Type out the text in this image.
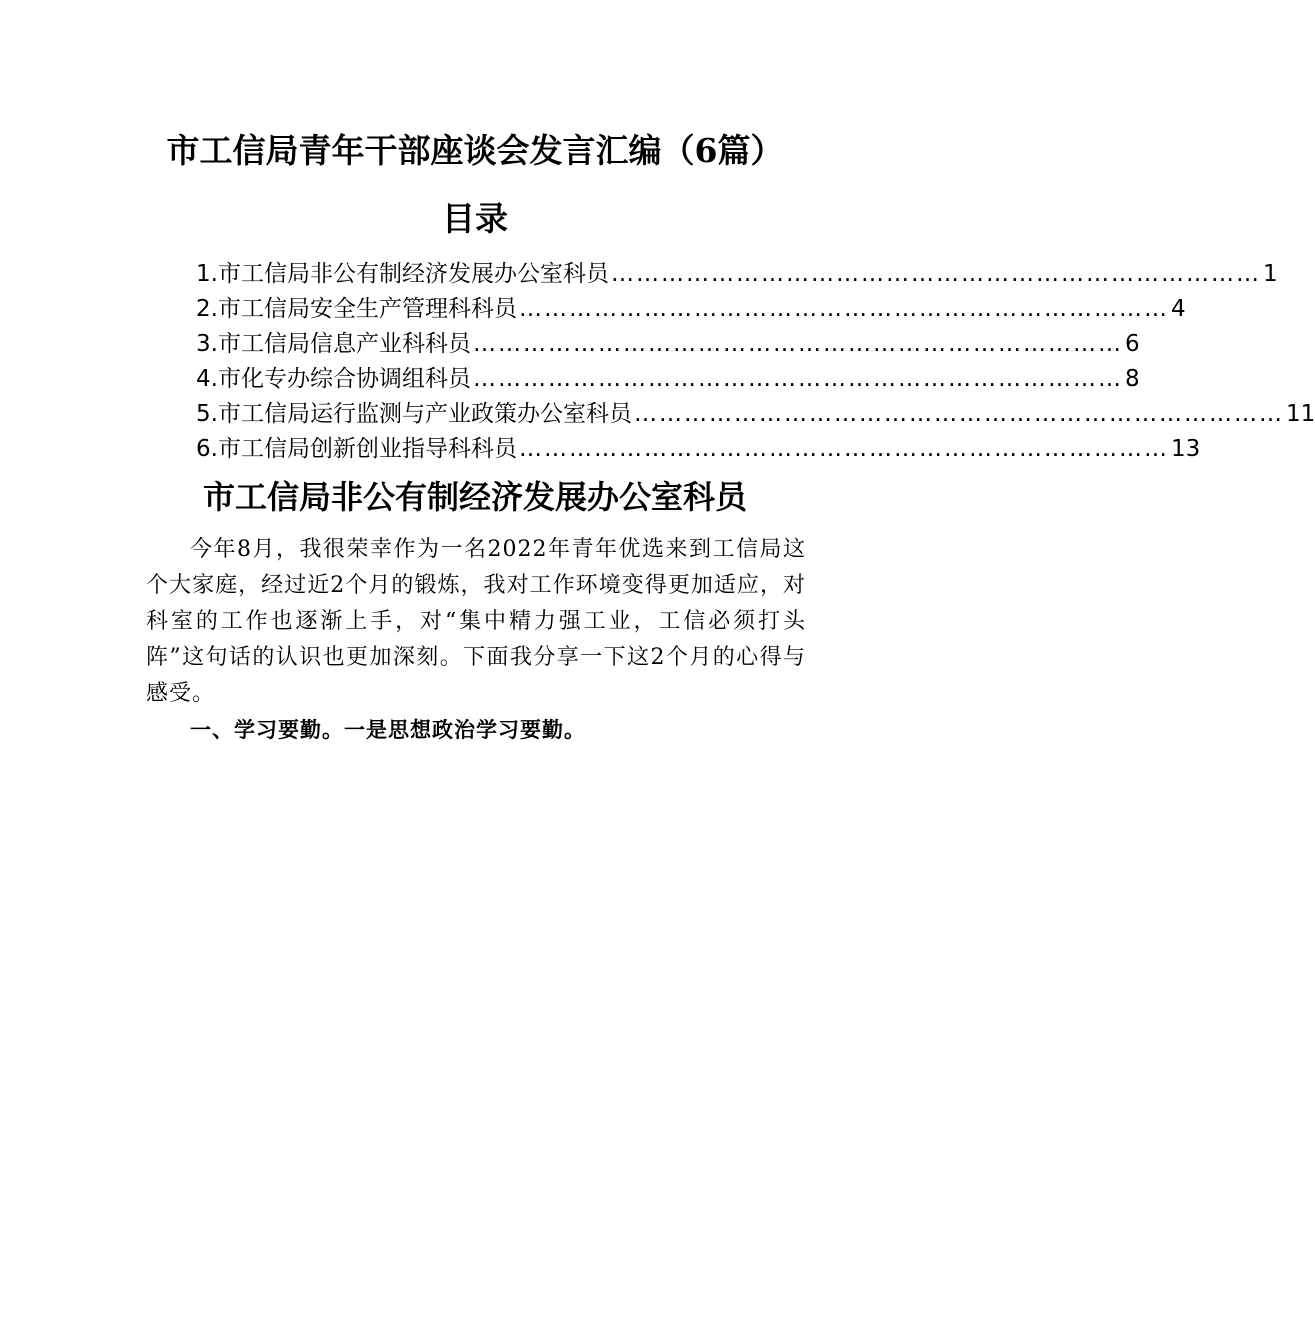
市工信局青年干部座谈会发言汇编（6篇）
目录
1.市工信局非公有制经济发展办公室科员 …………………………………………………………………… 1
2.市工信局安全生产管理科科员 …………………………………………………………………… 4
3.市工信局信息产业科科员 …………………………………………………………………… 6
4.市化专办综合协调组科员 …………………………………………………………………… 8
5.市工信局运行监测与产业政策办公室科员 …………………………………………………………………… 11
6.市工信局创新创业指导科科员 …………………………………………………………………… 13
市工信局非公有制经济发展办公室科员

今年8月，我很荣幸作为一名2022年青年优选来到工信局这个大家庭，经过近2个月的锻炼，我对工作环境变得更加适应，对科室的工作也逐渐上手，对“集中精力强工业，工信必须打头阵”这句话的认识也更加深刻。下面我分享一下这2个月的心得与感受。

一、学习要勤。一是思想政治学习要勤。
